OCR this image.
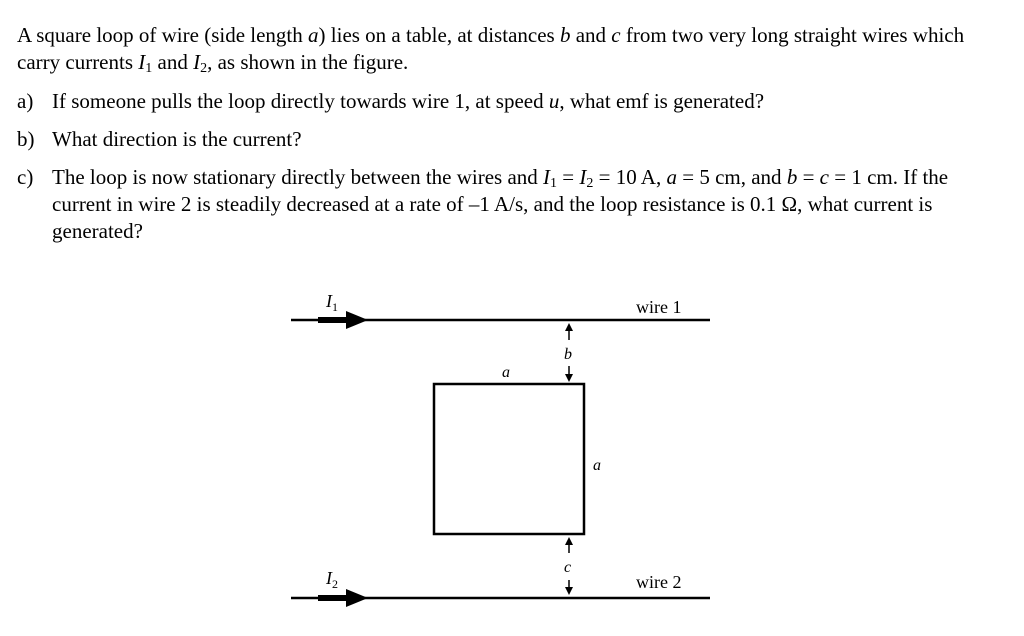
A square loop of wire (side length a) lies on a table, at distances b and c from two very long straight wires which carry currents $I_1$ and $I_2$, as shown in the figure.

a) If someone pulls the loop directly towards wire 1, at speed u, what emf is generated?
b) What direction is the current?
c) The loop is now stationary directly between the wires and $I_1 = I_2 = 10$ A, a = 5 cm, and b = c = 1 cm. If the current in wire 2 is steadily decreased at a rate of –1 A/s, and the loop resistance is 0.1 Ω, what current is generated?
$I_1$	wire 1
$I_2$	wire 2
a
a
b
c
